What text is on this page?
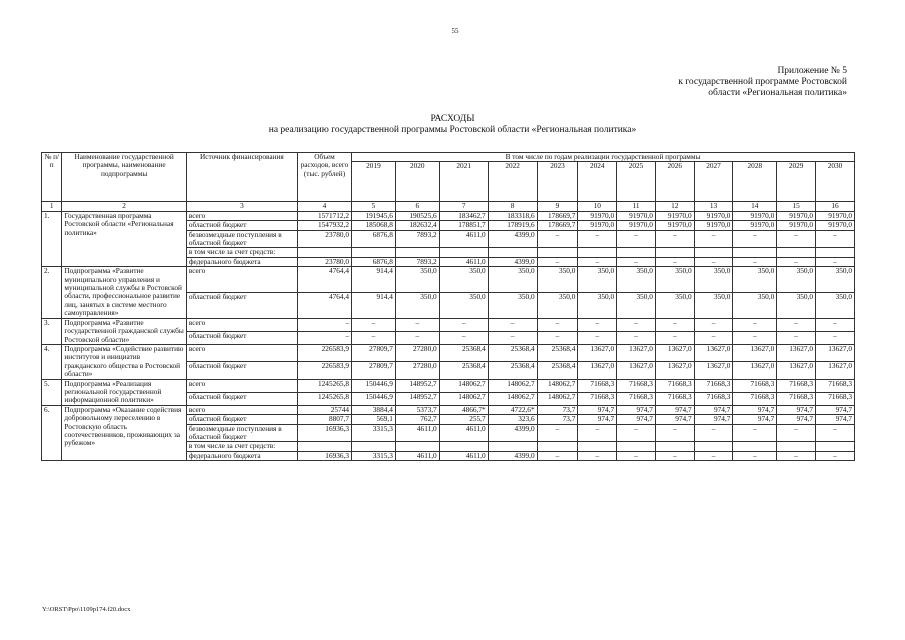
55
Приложение № 5
к государственной программе Ростовской
области «Региональная политика»
РАСХОДЫ
на реализацию государственной программы Ростовской области «Региональная политика»
№ п/п	Наименование государственной программы, наименование подпрограммы	Источник финансирования	Объем расходов, всего (тыс. рублей)	В том числе по годам реализации государственной программы											
				2019	2020	2021	2022	2023	2024	2025	2026	2027	2028	2029	2030
1	2	3	4	5	6	7	8	9	10	11	12	13	14	15	16
1.	Государственная программа Ростовской области «Региональная политика»	всего	1571712,2	191945,6	190525,6	183462,7	183318,6	178669,7	91970,0	91970,0	91970,0	91970,0	91970,0	91970,0	91970,0
		областной бюджет	1547932,2	185068,8	182632,4	178851,7	178919,6	178669,7	91970,0	91970,0	91970,0	91970,0	91970,0	91970,0	91970,0
		безвозмездные поступления в областной бюджет	23780,0	6876,8	7893,2	4611,0	4399,0	–	–	–	–	–	–	–	–
		в том числе за счет средств:													
		федерального бюджета	23780,0	6876,8	7893,2	4611,0	4399,0	–	–	–	–	–	–	–	–
2.	Подпрограмма «Развитие муниципального управления и муниципальной службы в Ростовской области, профессиональное развитие лиц, занятых в системе местного самоуправления»	всего	4764,4	914,4	350,0	350,0	350,0	350,0	350,0	350,0	350,0	350,0	350,0	350,0	350,0
		областной бюджет	4764,4	914,4	350,0	350,0	350,0	350,0	350,0	350,0	350,0	350,0	350,0	350,0	350,0
3.	Подпрограмма «Развитие государственной гражданской службы Ростовской области»	всего	–	–	–	–	–	–	–	–	–	–	–	–	–
		областной бюджет	–	–	–	–	–	–	–	–	–	–	–	–	–
4.	Подпрограмма «Содействие развитию институтов и инициатив гражданского общества в Ростовской области»	всего	226583,9	27809,7	27280,0	25368,4	25368,4	25368,4	13627,0	13627,0	13627,0	13627,0	13627,0	13627,0	13627,0
		областной бюджет	226583,9	27809,7	27280,0	25368,4	25368,4	25368,4	13627,0	13627,0	13627,0	13627,0	13627,0	13627,0	13627,0
5.	Подпрограмма «Реализация региональной государственной информационной политики»	всего	1245265,8	150446,9	148952,7	148062,7	148062,7	148062,7	71668,3	71668,3	71668,3	71668,3	71668,3	71668,3	71668,3
		областной бюджет	1245265,8	150446,9	148952,7	148062,7	148062,7	148062,7	71668,3	71668,3	71668,3	71668,3	71668,3	71668,3	71668,3
6.	Подпрограмма «Оказание содействия добровольному переселению в Ростовскую область соотечественников, проживающих за рубежом»	всего	25744	3884,4	5373,7	4866,7*	4722,6*	73,7	974,7	974,7	974,7	974,7	974,7	974,7	974,7
		областной бюджет	8807,7	569,1	762,7	255,7	323,6	73,7	974,7	974,7	974,7	974,7	974,7	974,7	974,7
		безвозмездные поступления в областной бюджет	16936,3	3315,3	4611,0	4611,0	4399,0	–	–	–	–	–	–	–	–
		в том числе за счет средств:													
		федерального бюджета	16936,3	3315,3	4611,0	4611,0	4399,0	–	–	–	–	–	–	–	–
Y:\ORST\Ppo\1109p174.f20.docx
